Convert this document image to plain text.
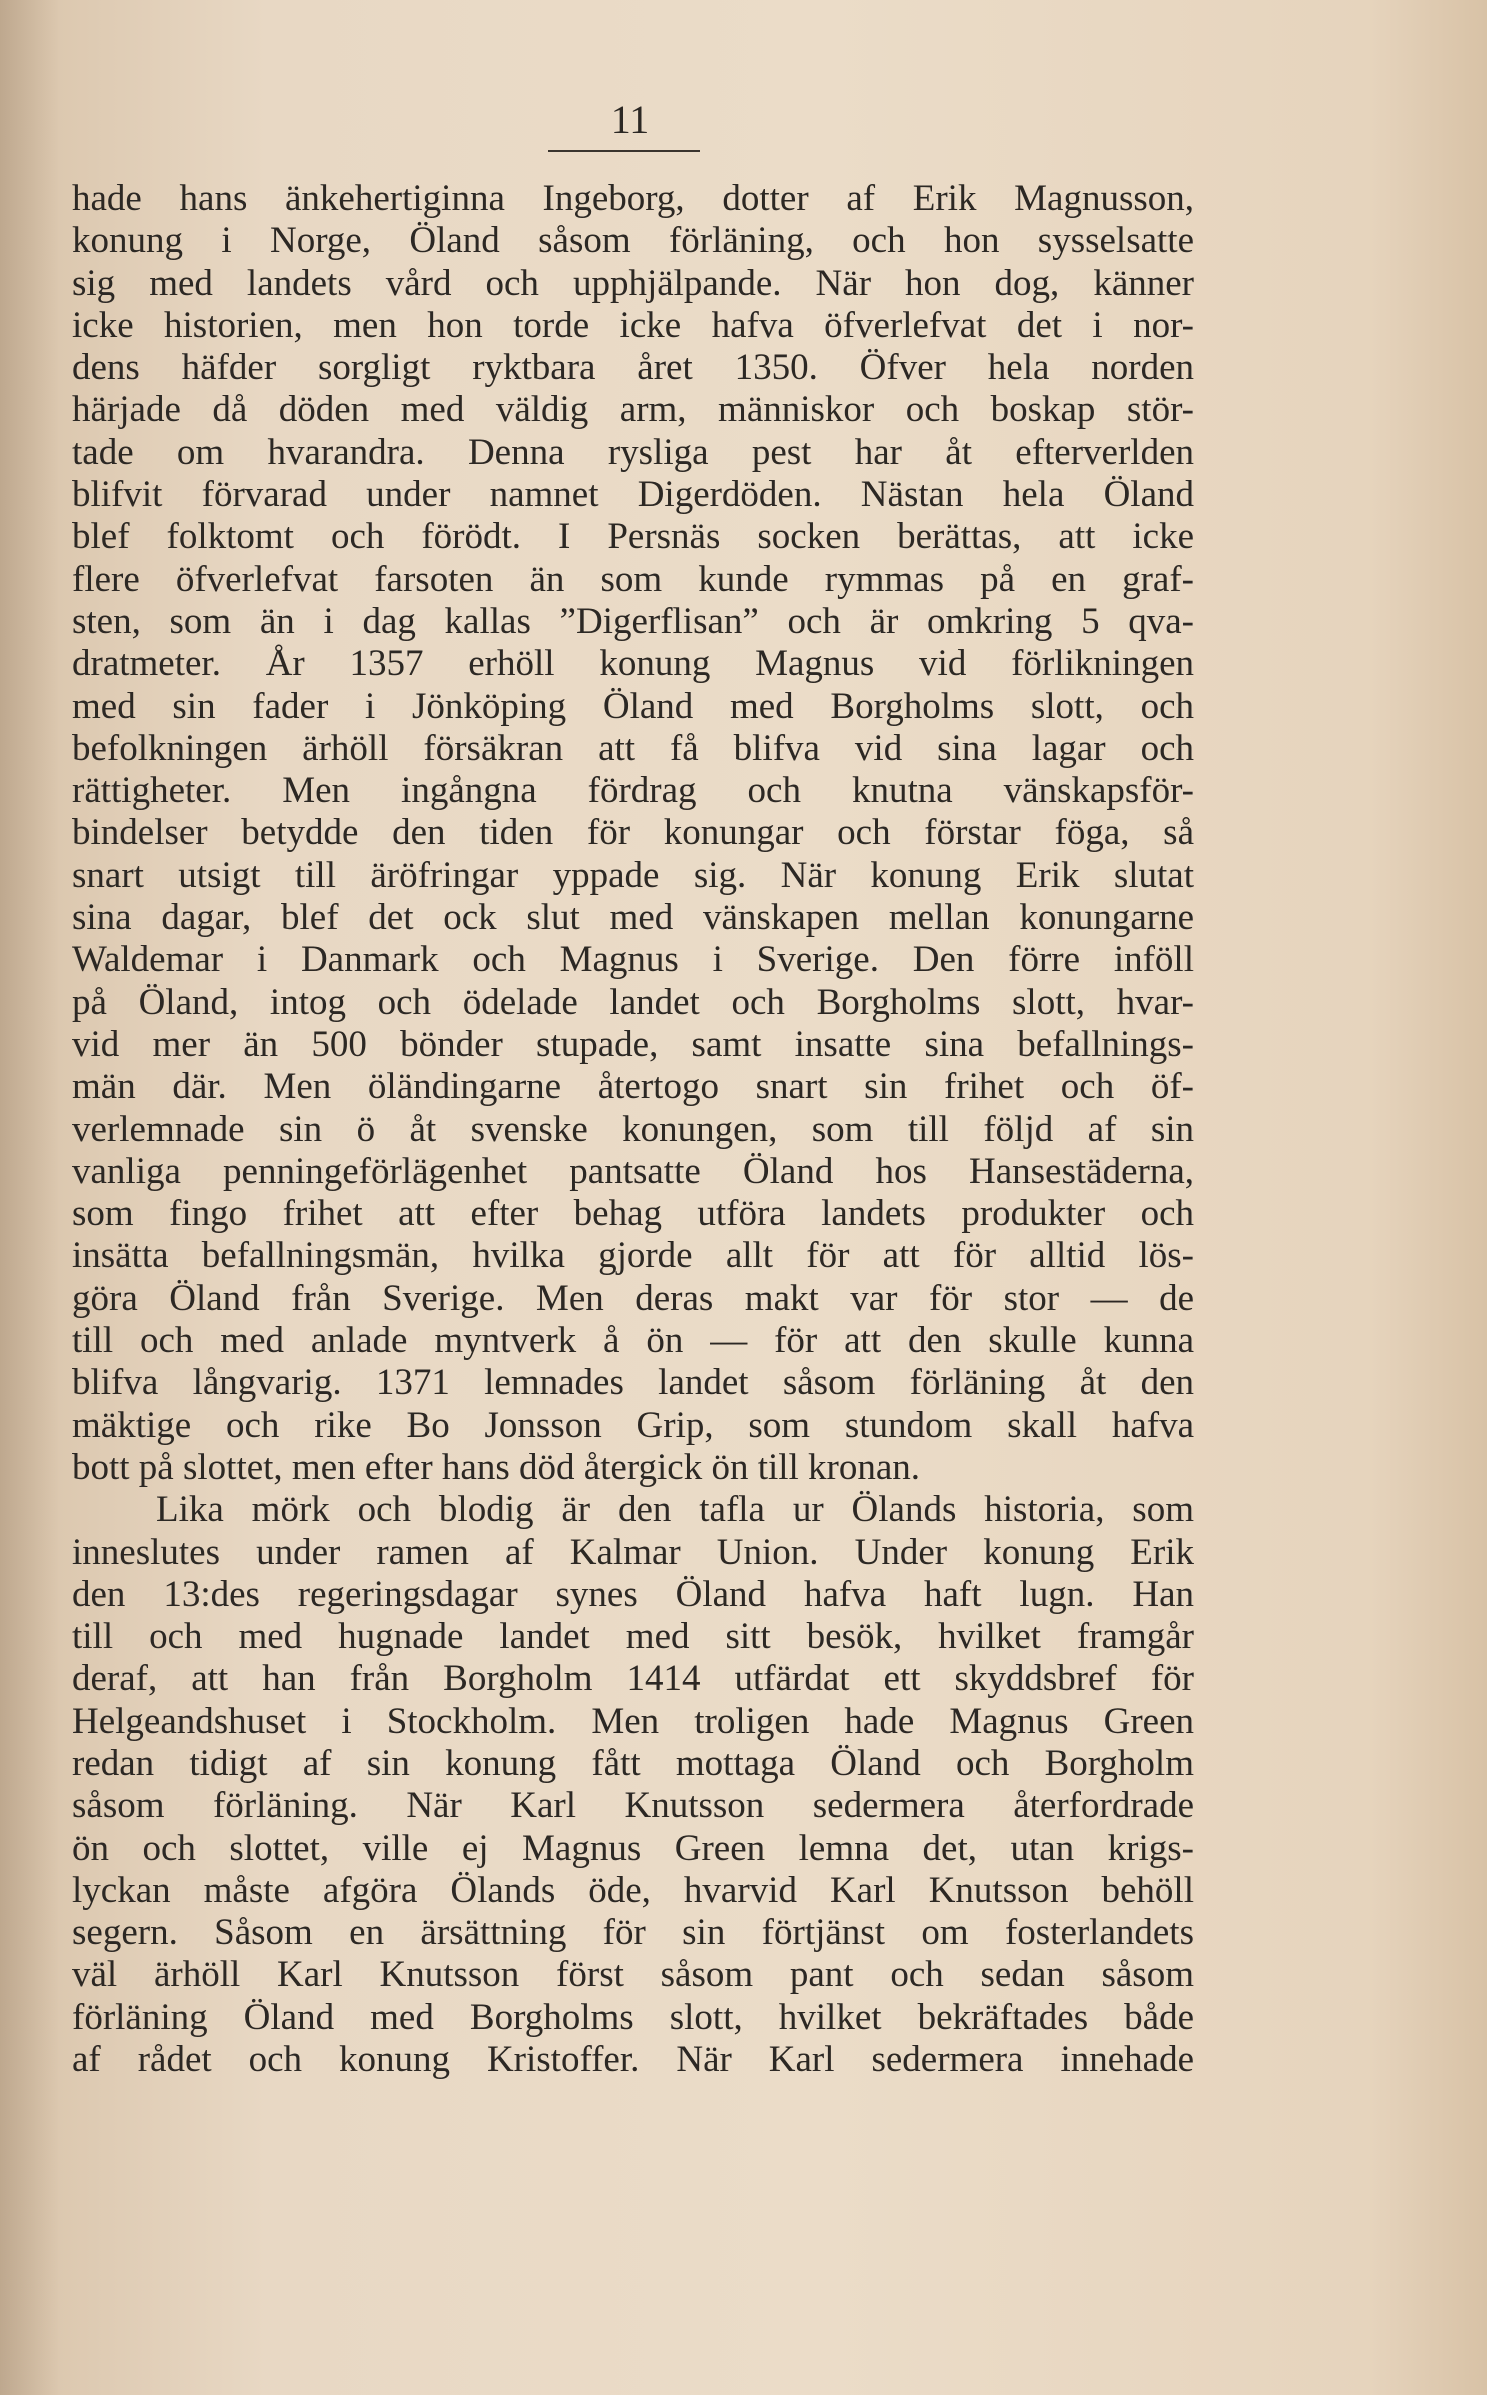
11
hade hans änkehertiginna Ingeborg, dotter af Erik Magnusson,
konung i Norge, Öland såsom förläning, och hon sysselsatte
sig med landets vård och upphjälpande. När hon dog, känner
icke historien, men hon torde icke hafva öfverlefvat det i nor-
dens häfder sorgligt ryktbara året 1350. Öfver hela norden
härjade då döden med väldig arm, människor och boskap stör-
tade om hvarandra. Denna rysliga pest har åt efterverlden
blifvit förvarad under namnet Digerdöden. Nästan hela Öland
blef folktomt och förödt. I Persnäs socken berättas, att icke
flere öfverlefvat farsoten än som kunde rymmas på en graf-
sten, som än i dag kallas ”Digerflisan” och är omkring 5 qva-
dratmeter. År 1357 erhöll konung Magnus vid förlikningen
med sin fader i Jönköping Öland med Borgholms slott, och
befolkningen ärhöll försäkran att få blifva vid sina lagar och
rättigheter. Men ingångna fördrag och knutna vänskapsför-
bindelser betydde den tiden för konungar och förstar föga, så
snart utsigt till äröfringar yppade sig. När konung Erik slutat
sina dagar, blef det ock slut med vänskapen mellan konungarne
Waldemar i Danmark och Magnus i Sverige. Den förre inföll
på Öland, intog och ödelade landet och Borgholms slott, hvar-
vid mer än 500 bönder stupade, samt insatte sina befallnings-
män där. Men öländingarne återtogo snart sin frihet och öf-
verlemnade sin ö åt svenske konungen, som till följd af sin
vanliga penningeförlägenhet pantsatte Öland hos Hansestäderna,
som fingo frihet att efter behag utföra landets produkter och
insätta befallningsmän, hvilka gjorde allt för att för alltid lös-
göra Öland från Sverige. Men deras makt var för stor — de
till och med anlade myntverk å ön — för att den skulle kunna
blifva långvarig. 1371 lemnades landet såsom förläning åt den
mäktige och rike Bo Jonsson Grip, som stundom skall hafva
bott på slottet, men efter hans död återgick ön till kronan.
Lika mörk och blodig är den tafla ur Ölands historia, som
inneslutes under ramen af Kalmar Union. Under konung Erik
den 13:des regeringsdagar synes Öland hafva haft lugn. Han
till och med hugnade landet med sitt besök, hvilket framgår
deraf, att han från Borgholm 1414 utfärdat ett skyddsbref för
Helgeandshuset i Stockholm. Men troligen hade Magnus Green
redan tidigt af sin konung fått mottaga Öland och Borgholm
såsom förläning. När Karl Knutsson sedermera återfordrade
ön och slottet, ville ej Magnus Green lemna det, utan krigs-
lyckan måste afgöra Ölands öde, hvarvid Karl Knutsson behöll
segern. Såsom en ärsättning för sin förtjänst om fosterlandets
väl ärhöll Karl Knutsson först såsom pant och sedan såsom
förläning Öland med Borgholms slott, hvilket bekräftades både
af rådet och konung Kristoffer. När Karl sedermera innehade
